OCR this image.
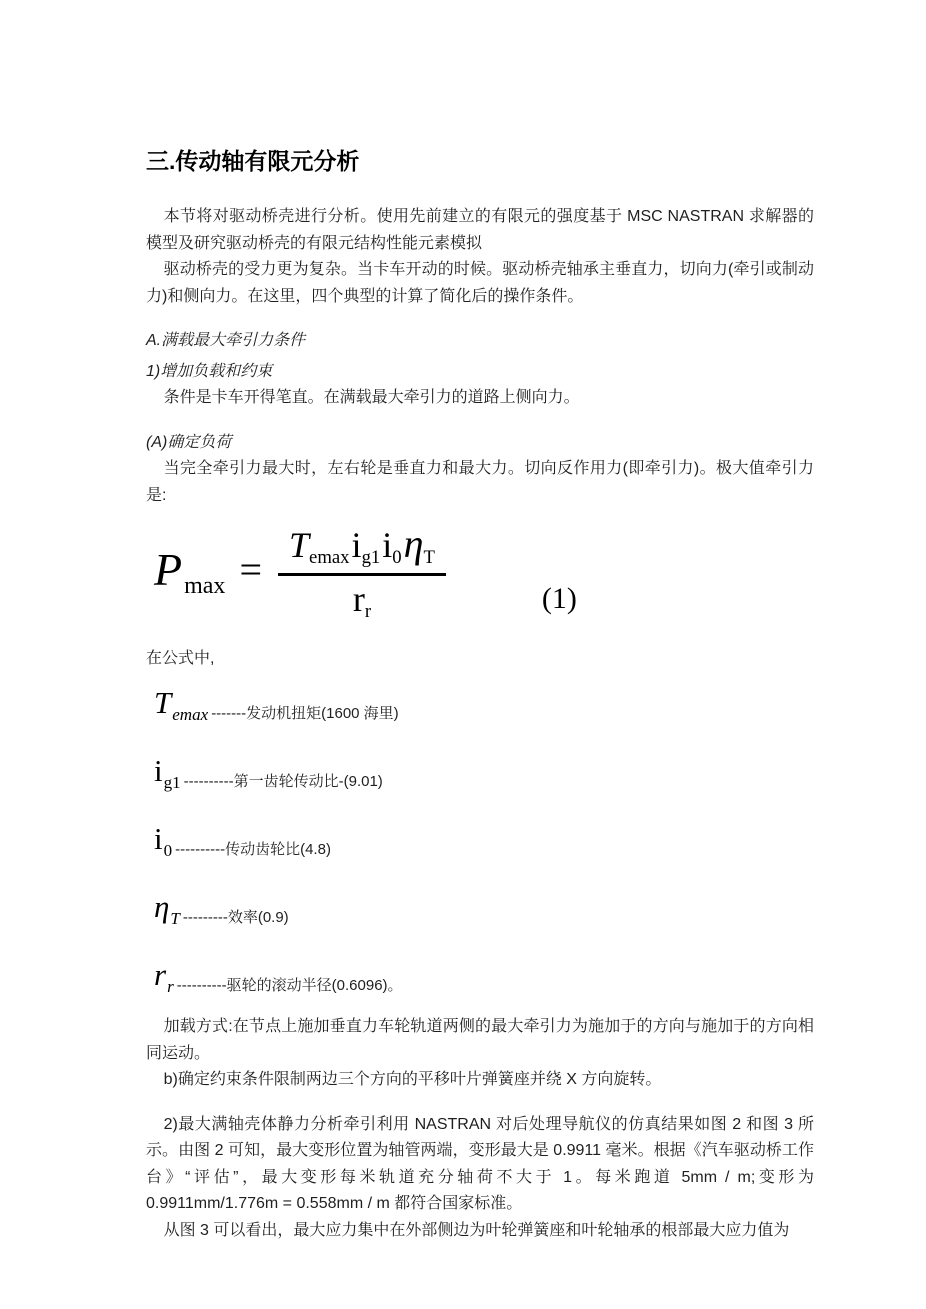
三.传动轴有限元分析

本节将对驱动桥壳进行分析。使用先前建立的有限元的强度基于 MSC NASTRAN 求解器的模型及研究驱动桥壳的有限元结构性能元素模拟

驱动桥壳的受力更为复杂。当卡车开动的时候。驱动桥壳轴承主垂直力，切向力(牵引或制动力)和侧向力。在这里，四个典型的计算了简化后的操作条件。

A.满载最大牵引力条件

1)增加负载和约束

条件是卡车开得笔直。在满载最大牵引力的道路上侧向力。

(A)确定负荷

当完全牵引力最大时，左右轮是垂直力和最大力。切向反作用力(即牵引力)。极大值牵引力是:

$Pmax = \frac{\text{Temaxig1i0ηT}}{rr}$	(1)

在公式中,

$T_{emax}$ -------发动机扭矩(1600 海里)
$i_{g1}$ ----------第一齿轮传动比-(9.01)
$i_0$ ----------传动齿轮比(4.8)
$\eta_T$ ---------效率(0.9)
$r_r$ ----------驱轮的滚动半径(0.6096)。

加载方式:在节点上施加垂直力车轮轨道两侧的最大牵引力为施加于的方向与施加于的方向相同运动。

b)确定约束条件限制两边三个方向的平移叶片弹簧座并绕 X 方向旋转。

2)最大满轴壳体静力分析牵引利用 NASTRAN 对后处理导航仪的仿真结果如图 2 和图 3 所示。由图 2 可知，最大变形位置为轴管两端，变形最大是 0.9911 毫米。根据《汽车驱动桥工作台》“评估”，最大变形每米轨道充分轴荷不大于 1。每米跑道 5mm / m;变形为 0.9911mm/1.776m = 0.558mm / m 都符合国家标准。

从图 3 可以看出，最大应力集中在外部侧边为叶轮弹簧座和叶轮轴承的根部最大应力值为
